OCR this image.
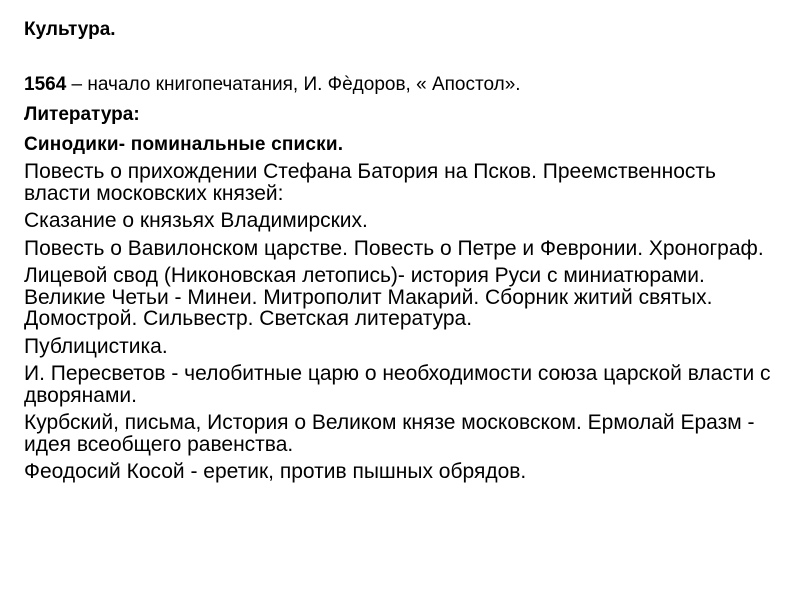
Культура.
1564 – начало книгопечатания, И. Фѐдоров, « Апостол».
Литература:
Синодики- поминальные списки.
Повесть о прихождении Стефана Батория на Псков. Преемственность власти московских князей:
Сказание о князьях Владимирских.
Повесть о Вавилонском царстве. Повесть о Петре и Февронии. Хронограф.
Лицевой свод (Никоновская летопись)- история Руси с миниатюрами. Великие Четьи - Минеи. Митрополит Макарий. Сборник житий святых. Домострой. Сильвестр. Светская литература.
Публицистика.
И. Пересветов - челобитные царю о необходимости союза царской власти с дворянами.
Курбский, письма, История о Великом князе московском. Ермолай Еразм - идея всеобщего равенства.
Феодосий Косой - еретик, против пышных обрядов.
